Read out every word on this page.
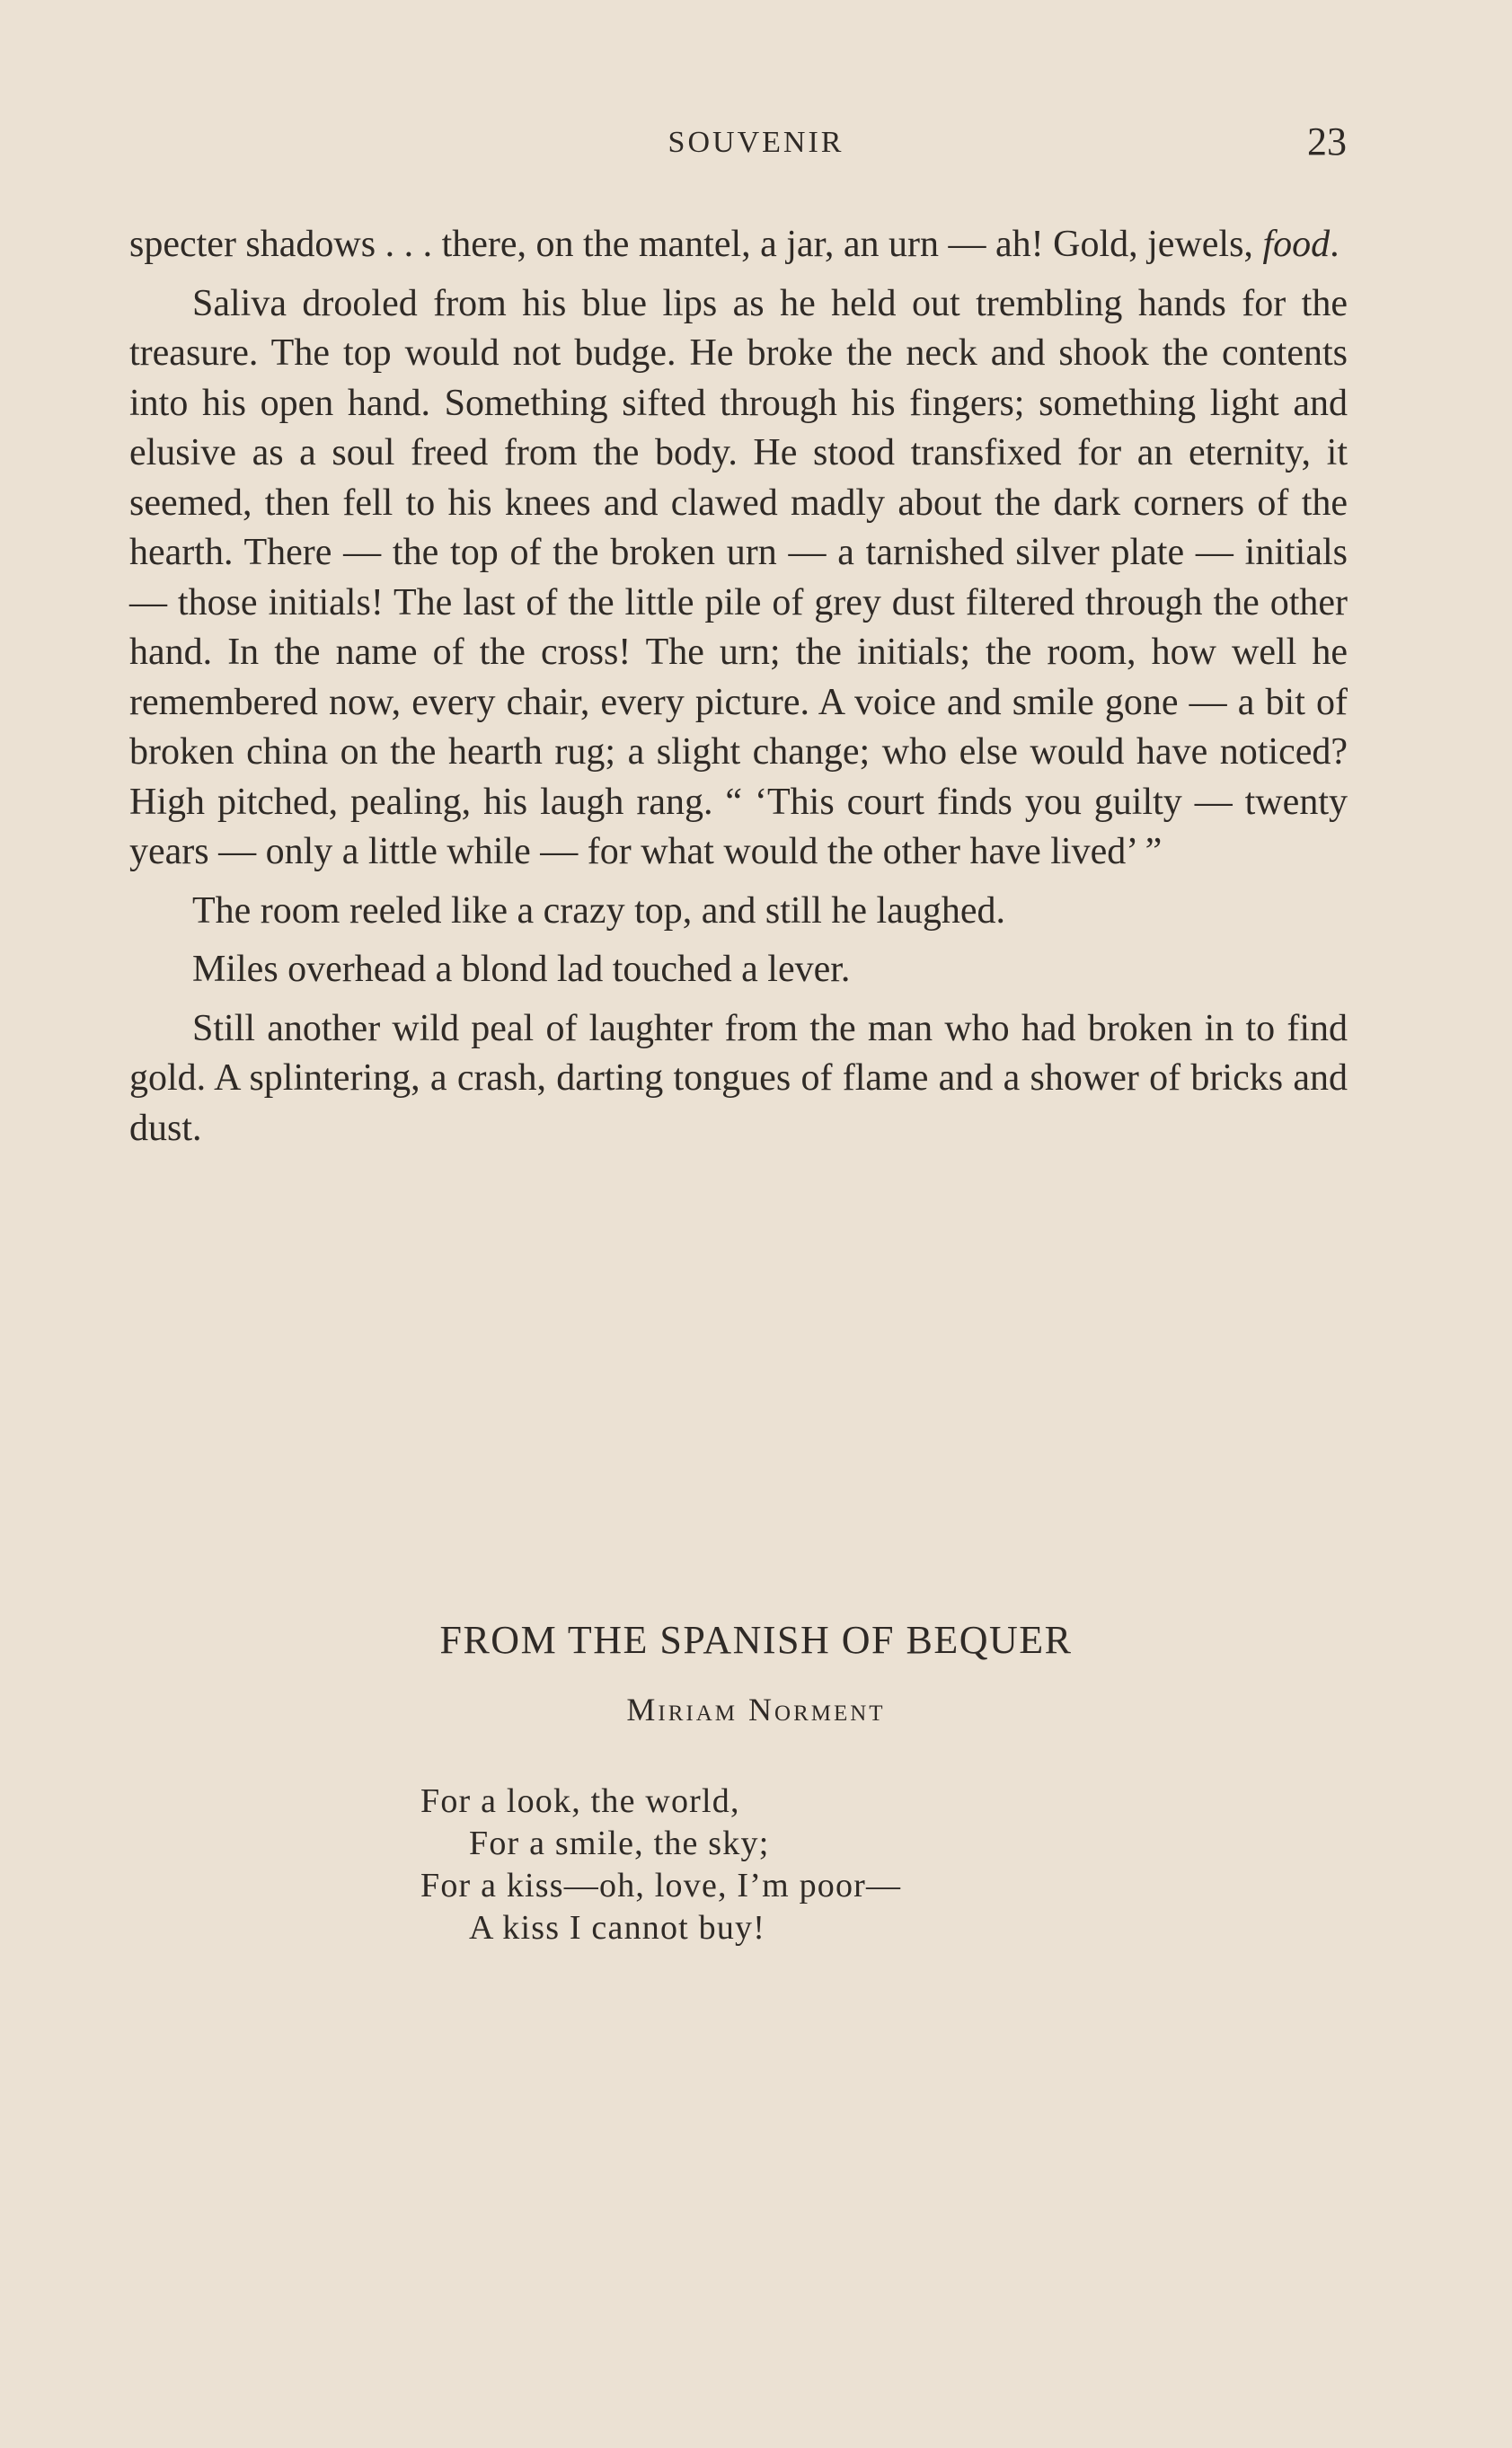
SOUVENIR	23

specter shadows . . . there, on the mantel, a jar, an urn — ah! Gold, jewels, food.

Saliva drooled from his blue lips as he held out trembling hands for the treasure. The top would not budge. He broke the neck and shook the contents into his open hand. Something sifted through his fingers; something light and elusive as a soul freed from the body. He stood transfixed for an eternity, it seemed, then fell to his knees and clawed madly about the dark corners of the hearth. There — the top of the broken urn — a tarnished silver plate — initials — those initials! The last of the little pile of grey dust filtered through the other hand. In the name of the cross! The urn; the initials; the room, how well he remembered now, every chair, every picture. A voice and smile gone — a bit of broken china on the hearth rug; a slight change; who else would have noticed? High pitched, pealing, his laugh rang. “ ‘This court finds you guilty — twenty years — only a little while — for what would the other have lived’ ”

The room reeled like a crazy top, and still he laughed.

Miles overhead a blond lad touched a lever.

Still another wild peal of laughter from the man who had broken in to find gold. A splintering, a crash, darting tongues of flame and a shower of bricks and dust.

FROM THE SPANISH OF BEQUER
Miriam Norment
For a look, the world,
For a smile, the sky;
For a kiss—oh, love, I’m poor—
A kiss I cannot buy!
